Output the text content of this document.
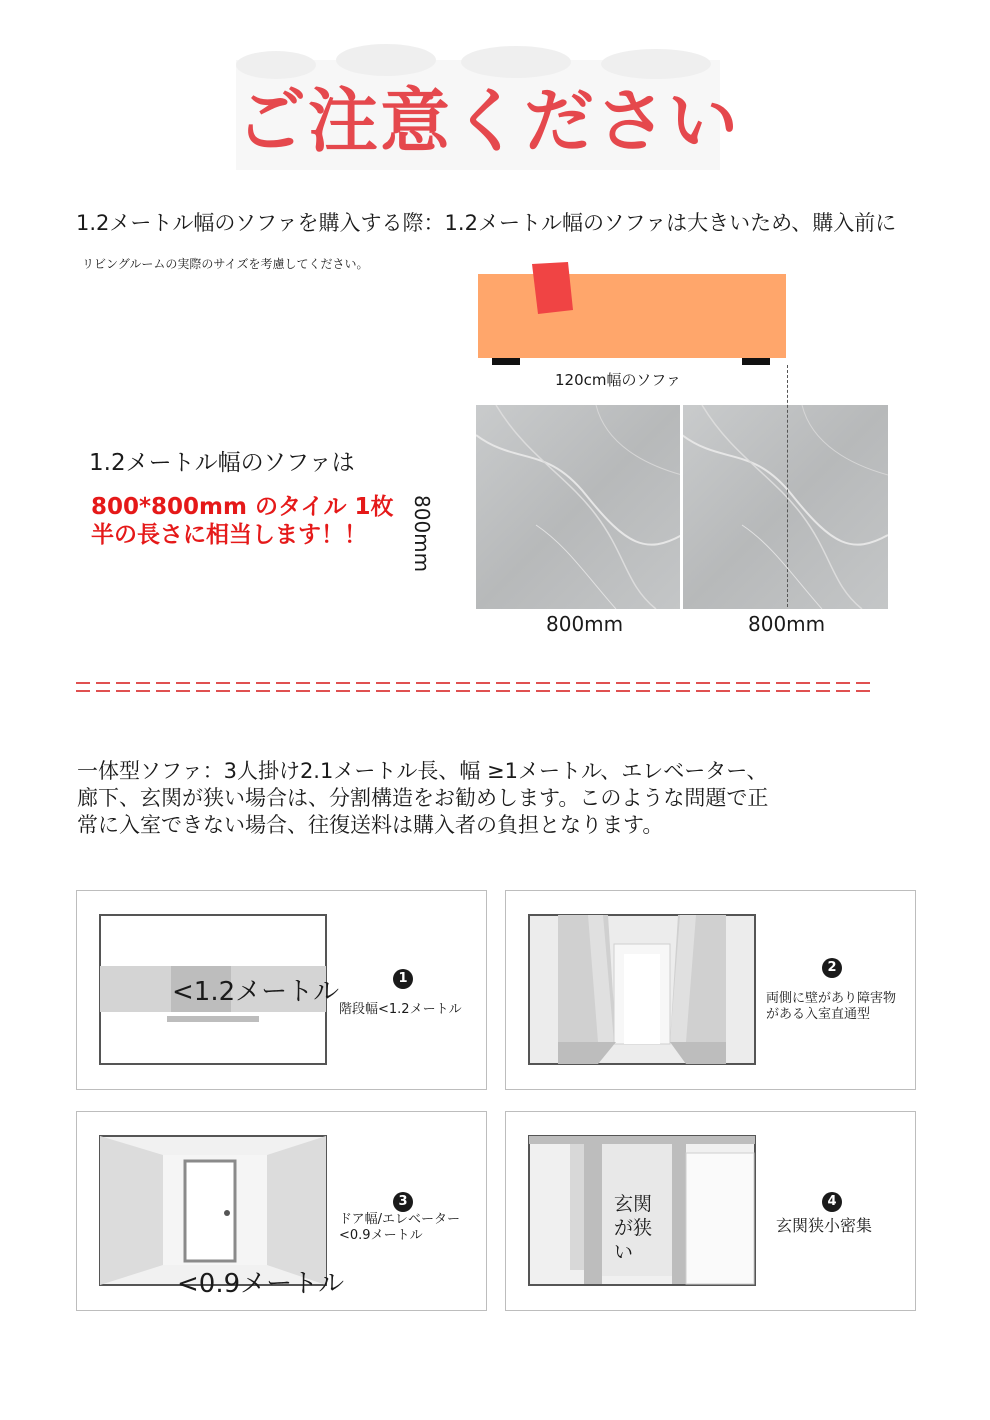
ご注意ください
1.2メートル幅のソファを購入する際：1.2メートル幅のソファは大きいため、購入前に
リビングルームの実際のサイズを考慮してください。
120cm幅のソファ
800mm
800mm	800mm
1.2メートル幅のソファは
800*800mm のタイル 1枚半の長さに相当します！！
一体型ソファ：3人掛け2.1メートル長、幅 ≥1メートル、エレベーター、廊下、玄関が狭い場合は、分割構造をお勧めします。このような問題で正常に入室できない場合、往復送料は購入者の負担となります。
<1.2メートル	1
階段幅<1.2メートル
2
両側に壁があり障害物がある入室直通型
<0.9メートル
3
ドア幅/エレベーター<0.9メートル
玄関が狭い
4
玄関狭小密集
